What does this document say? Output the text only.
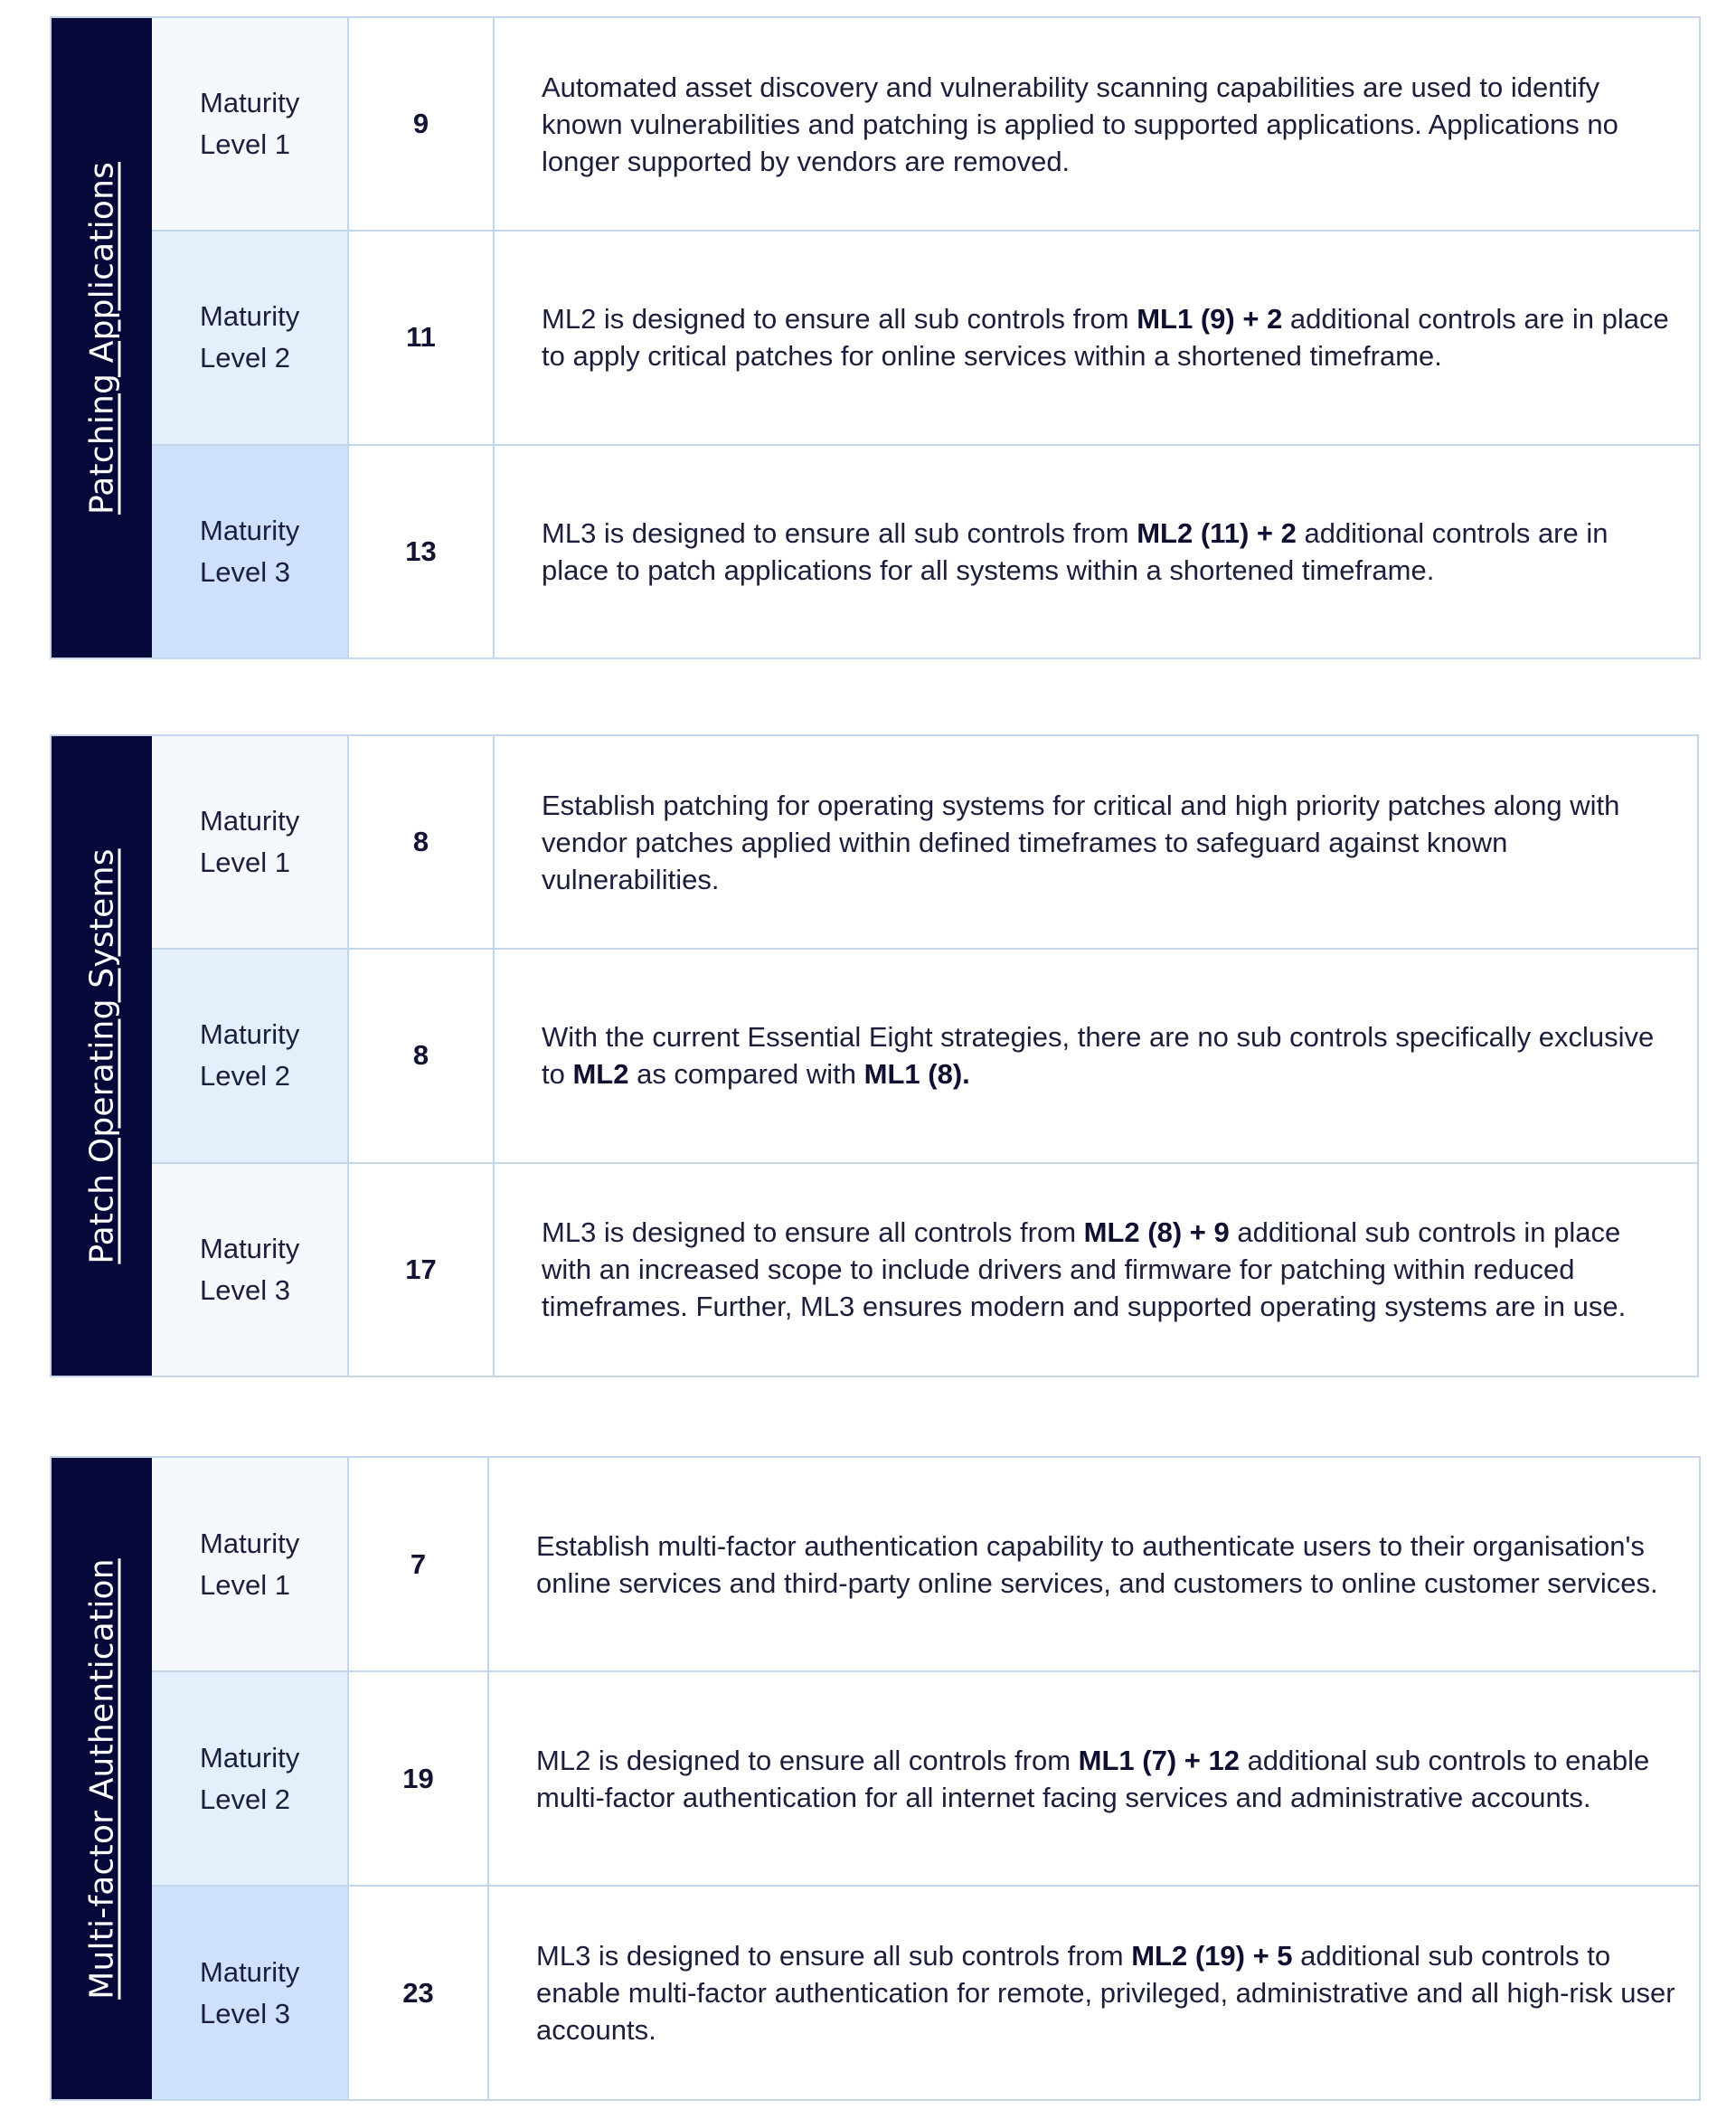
Patching Applications
Maturity
Level 1
9
Automated asset discovery and vulnerability scanning capabilities are used to identify known vulnerabilities and patching is applied to supported applications. Applications no longer supported by vendors are removed.
Maturity
Level 2
11
ML2 is designed to ensure all sub controls from ML1 (9) + 2 additional controls are in place to apply critical patches for online services within a shortened timeframe.
Maturity
Level 3
13
ML3 is designed to ensure all sub controls from ML2 (11) + 2 additional controls are in place to patch applications for all systems within a shortened timeframe.
Patch Operating Systems
Maturity
Level 1
8
Establish patching for operating systems for critical and high priority patches along with vendor patches applied within defined timeframes to safeguard against known vulnerabilities.
Maturity
Level 2
8
With the current Essential Eight strategies, there are no sub controls specifically exclusive to ML2 as compared with ML1 (8).
Maturity
Level 3
17
ML3 is designed to ensure all controls from ML2 (8) + 9 additional sub controls in place with an increased scope to include drivers and firmware for patching within reduced timeframes. Further, ML3 ensures modern and supported operating systems are in use.
Multi-factor Authentication
Maturity
Level 1
7
Establish multi-factor authentication capability to authenticate users to their organisation's online services and third-party online services, and customers to online customer services.
Maturity
Level 2
19
ML2 is designed to ensure all controls from ML1 (7) + 12 additional sub controls to enable multi-factor authentication for all internet facing services and administrative accounts.
Maturity
Level 3
23
ML3 is designed to ensure all sub controls from ML2 (19) + 5 additional sub controls to enable multi-factor authentication for remote, privileged, administrative and all high-risk user accounts.
